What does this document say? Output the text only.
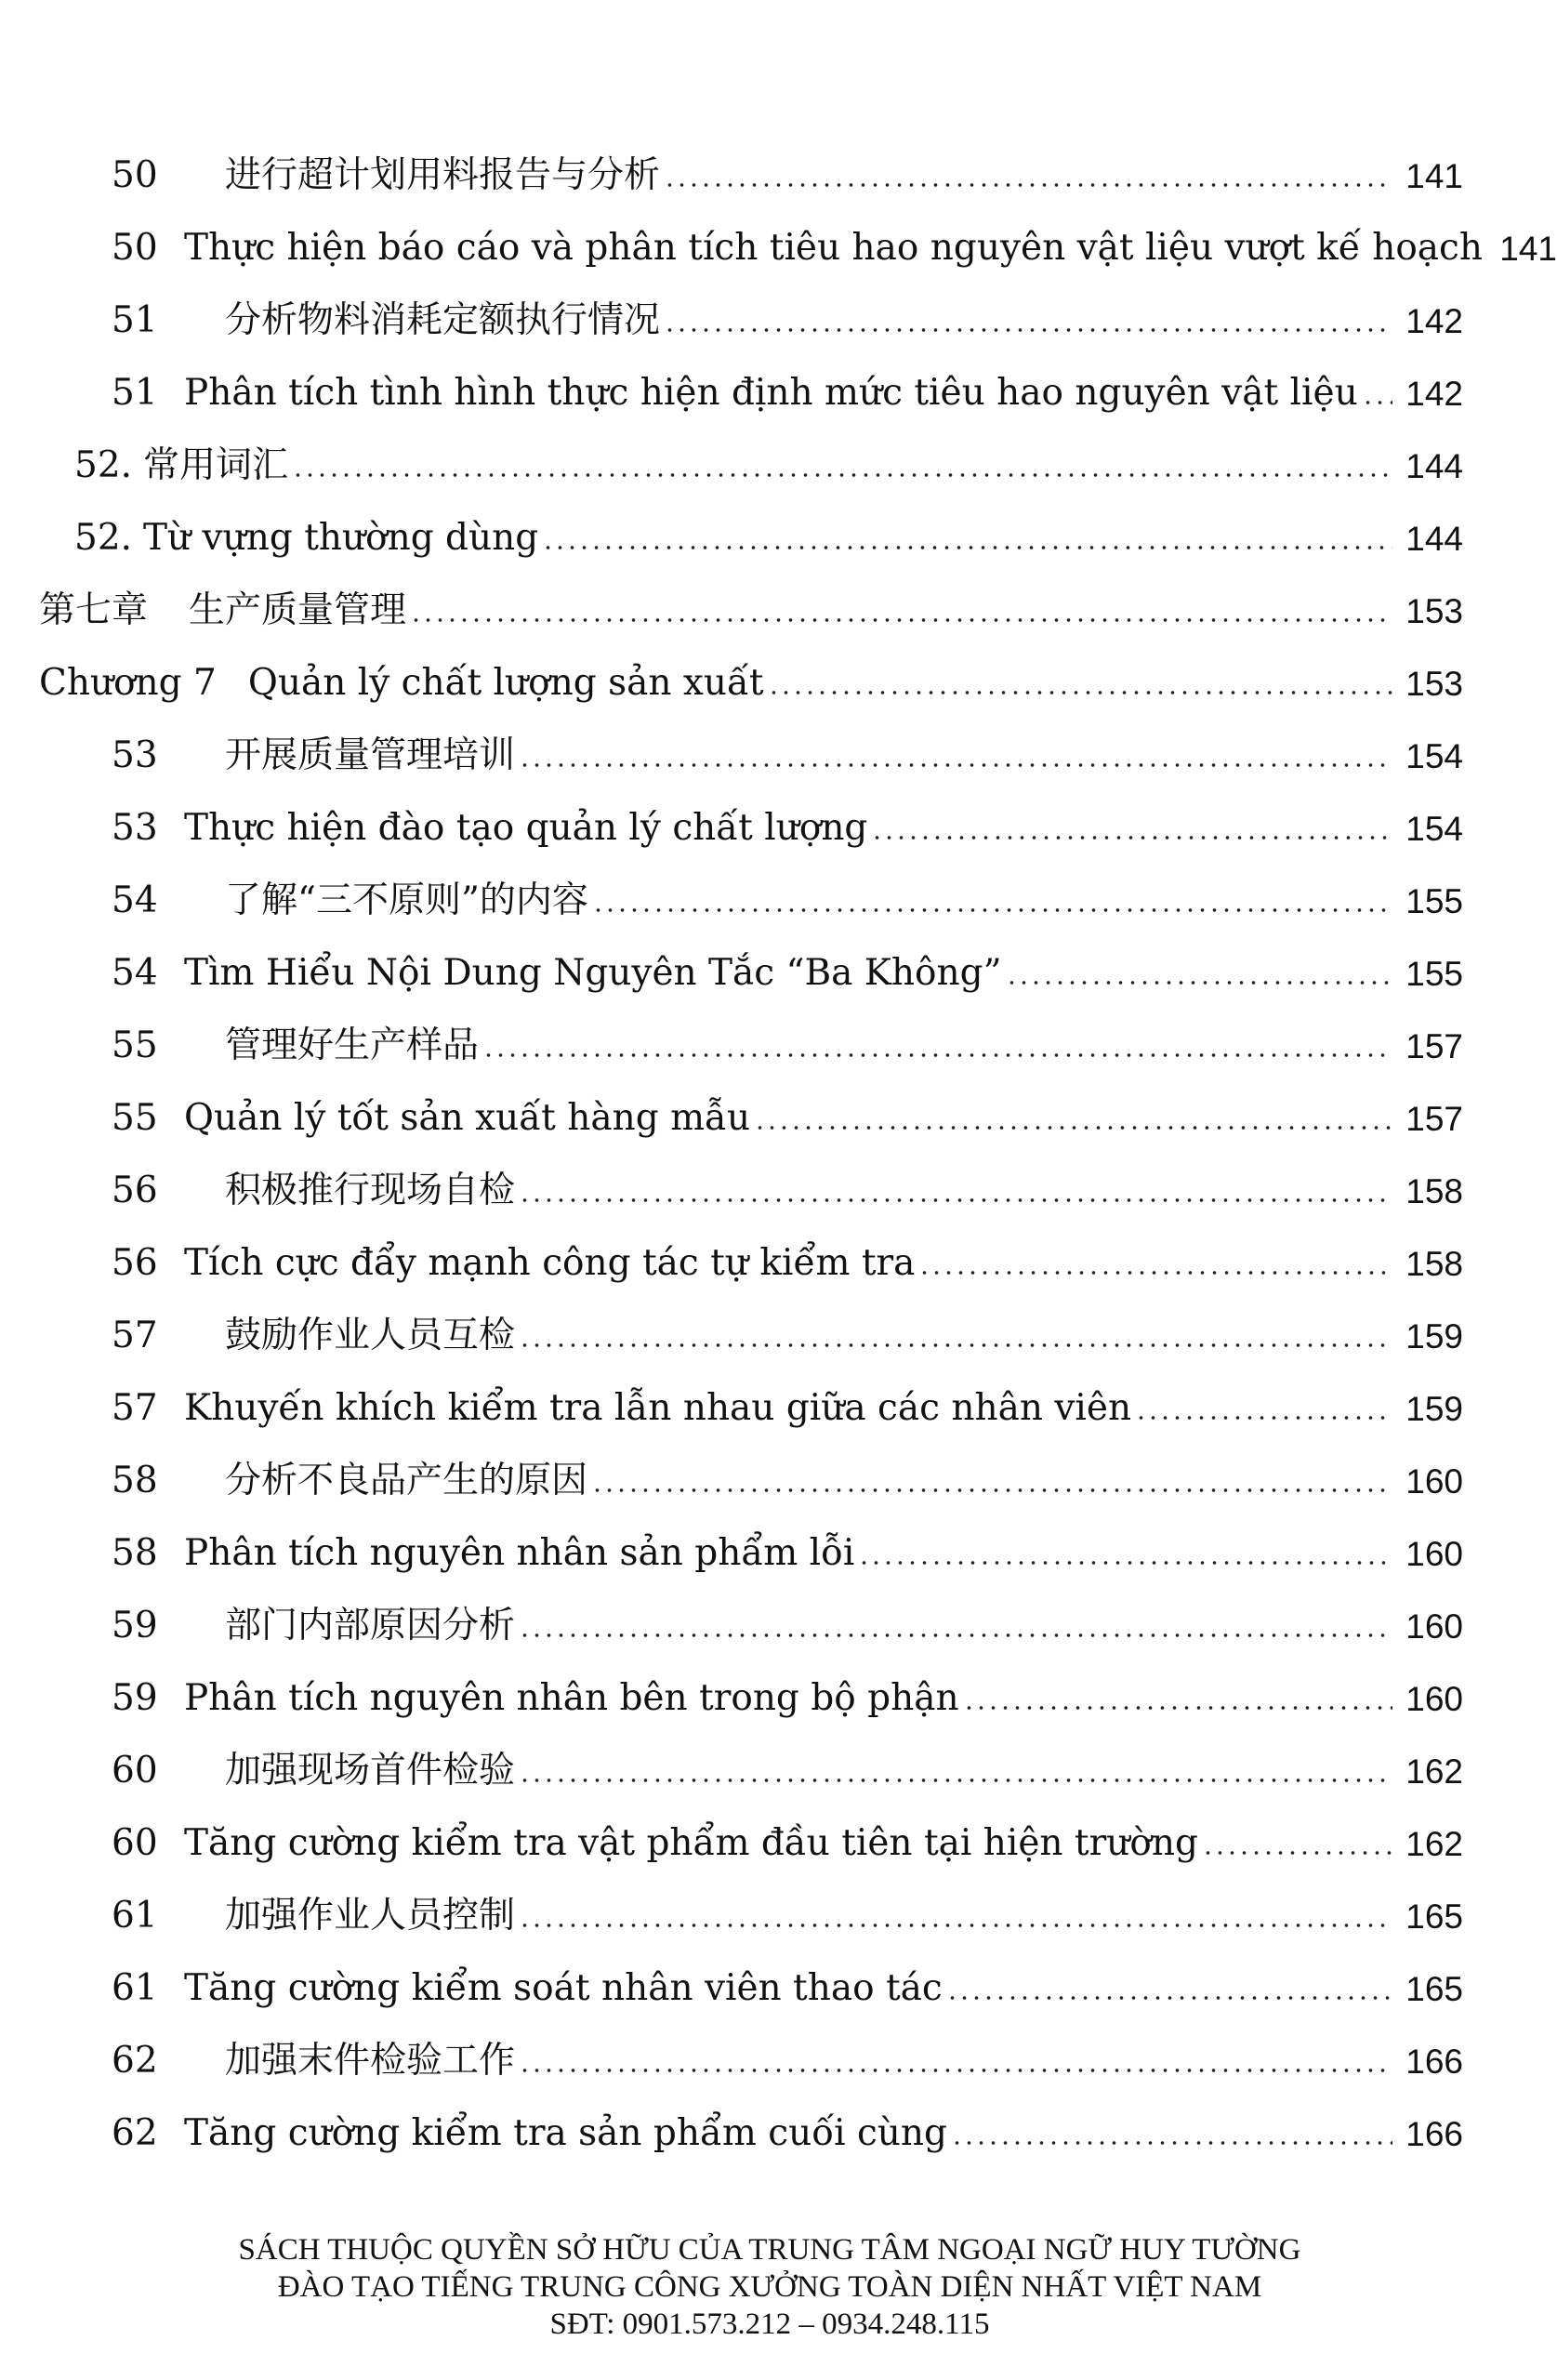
50	进行超计划用料报告与分析	141
50 Thực hiện báo cáo và phân tích tiêu hao nguyên vật liệu vượt kế hoạch 141
51	分析物料消耗定额执行情况	142
51 Phân tích tình hình thực hiện định mức tiêu hao nguyên vật liệu 142
52. 常用词汇	144
52. Từ vựng thường dùng	144
第七章 生产质量管理	153
Chương 7 Quản lý chất lượng sản xuất	153
53	开展质量管理培训	154
53 Thực hiện đào tạo quản lý chất lượng	154
54	了解“三不原则”的内容	155
54 Tìm Hiểu Nội Dung Nguyên Tắc “Ba Không”	155
55	管理好生产样品	157
55 Quản lý tốt sản xuất hàng mẫu	157
56	积极推行现场自检	158
56 Tích cực đẩy mạnh công tác tự kiểm tra	158
57	鼓励作业人员互检	159
57 Khuyến khích kiểm tra lẫn nhau giữa các nhân viên	159
58	分析不良品产生的原因	160
58 Phân tích nguyên nhân sản phẩm lỗi	160
59	部门内部原因分析	160
59 Phân tích nguyên nhân bên trong bộ phận	160
60	加强现场首件检验	162
60 Tăng cường kiểm tra vật phẩm đầu tiên tại hiện trường	162
61	加强作业人员控制	165
61 Tăng cường kiểm soát nhân viên thao tác	165
62	加强末件检验工作	166
62 Tăng cường kiểm tra sản phẩm cuối cùng	166
SÁCH THUỘC QUYỀN SỞ HỮU CỦA TRUNG TÂM NGOẠI NGỮ HUY TƯỜNG
ĐÀO TẠO TIẾNG TRUNG CÔNG XƯỞNG TOÀN DIỆN NHẤT VIỆT NAM
SĐT: 0901.573.212 – 0934.248.115
